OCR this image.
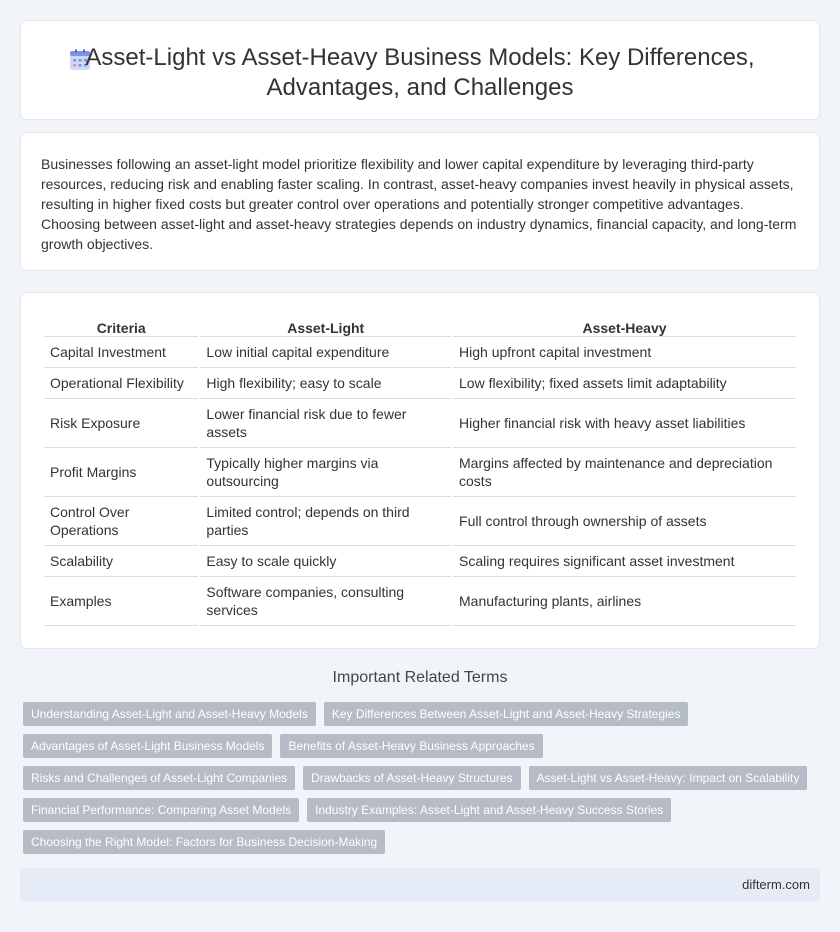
Asset-Light vs Asset-Heavy Business Models: Key Differences, Advantages, and Challenges

Businesses following an asset-light model prioritize flexibility and lower capital expenditure by leveraging third-party resources, reducing risk and enabling faster scaling. In contrast, asset-heavy companies invest heavily in physical assets, resulting in higher fixed costs but greater control over operations and potentially stronger competitive advantages. Choosing between asset-light and asset-heavy strategies depends on industry dynamics, financial capacity, and long-term growth objectives.

Criteria	Asset-Light	Asset-Heavy
Capital Investment	Low initial capital expenditure	High upfront capital investment
Operational Flexibility	High flexibility; easy to scale	Low flexibility; fixed assets limit adaptability
Risk Exposure	Lower financial risk due to fewer assets	Higher financial risk with heavy asset liabilities
Profit Margins	Typically higher margins via outsourcing	Margins affected by maintenance and depreciation costs
Control Over Operations	Limited control; depends on third parties	Full control through ownership of assets
Scalability	Easy to scale quickly	Scaling requires significant asset investment
Examples	Software companies, consulting services	Manufacturing plants, airlines
Important Related Terms
Understanding Asset-Light and Asset-Heavy Models	Key Differences Between Asset-Light and Asset-Heavy Strategies
Advantages of Asset-Light Business Models	Benefits of Asset-Heavy Business Approaches
Risks and Challenges of Asset-Light Companies	Drawbacks of Asset-Heavy Structures	Asset-Light vs Asset-Heavy: Impact on Scalability
Financial Performance: Comparing Asset Models	Industry Examples: Asset-Light and Asset-Heavy Success Stories
Choosing the Right Model: Factors for Business Decision-Making
difterm.com
